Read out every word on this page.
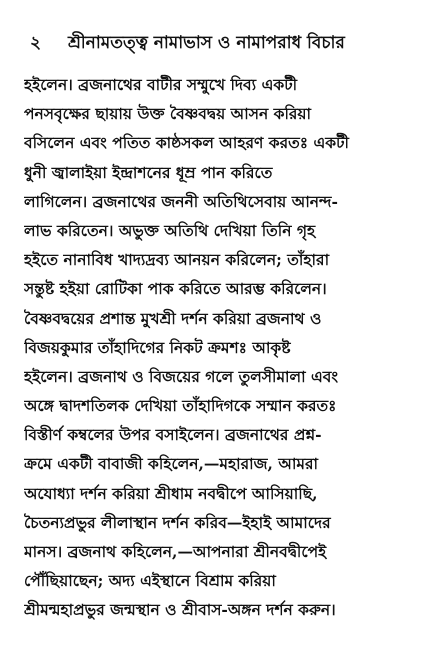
২	শ্রীনামতত্ত্ব নামাভাস ও নামাপরাধ বিচার
হইলেন। ব্রজনাথের বাটীর সম্মুখে দিব্য একটী
পনসবৃক্ষের ছায়ায় উক্ত বৈষ্ণবদ্বয় আসন করিয়া
বসিলেন এবং পতিত কাষ্ঠসকল আহরণ করতঃ একটী
ধুনী জ্বালাইয়া ইন্দ্রাশনের ধূম্র পান করিতে
লাগিলেন। ব্রজনাথের জননী অতিথিসেবায় আনন্দ-
লাভ করিতেন। অভুক্ত অতিথি দেখিয়া তিনি গৃহ
হইতে নানাবিধ খাদ্যদ্রব্য আনয়ন করিলেন; তাঁহারা
সন্তুষ্ট হইয়া রোটিকা পাক করিতে আরম্ভ করিলেন।
বৈষ্ণবদ্বয়ের প্রশান্ত মুখশ্রী দর্শন করিয়া ব্রজনাথ ও
বিজয়কুমার তাঁহাদিগের নিকট ক্রমশঃ আকৃষ্ট
হইলেন। ব্রজনাথ ও বিজয়ের গলে তুলসীমালা এবং
অঙ্গে দ্বাদশতিলক দেখিয়া তাঁহাদিগকে সম্মান করতঃ
বিস্তীর্ণ কম্বলের উপর বসাইলেন। ব্রজনাথের প্রশ্ন-
ক্রমে একটী বাবাজী কহিলেন,—মহারাজ, আমরা
অযোধ্যা দর্শন করিয়া শ্রীধাম নবদ্বীপে আসিয়াছি,
চৈতন্যপ্রভুর লীলাস্থান দর্শন করিব—ইহাই আমাদের
মানস। ব্রজনাথ কহিলেন,—আপনারা শ্রীনবদ্বীপেই
পৌঁছিয়াছেন; অদ্য এইস্থানে বিশ্রাম করিয়া
শ্রীমন্মহাপ্রভুর জন্মস্থান ও শ্রীবাস-অঙ্গন দর্শন করুন।
